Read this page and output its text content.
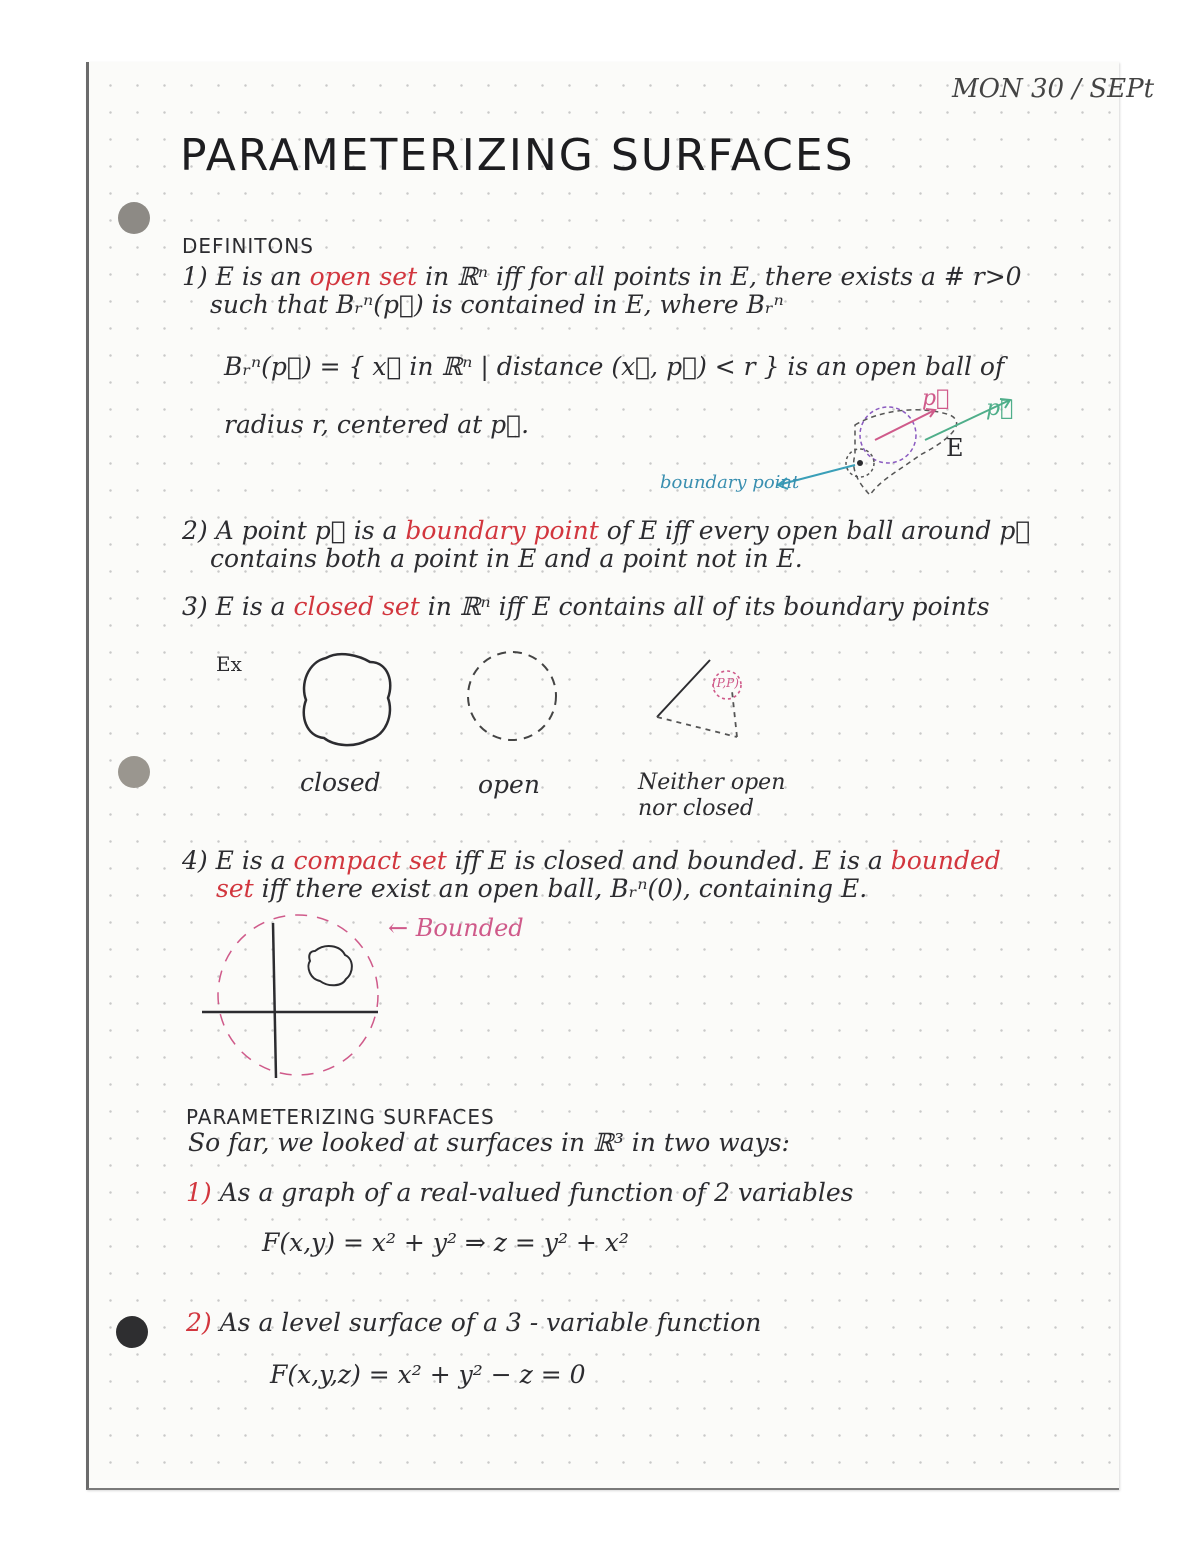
MON 30 / SEPt
PARAMETERIZING SURFACES
DEFINITONS
1) E is an open set in ℝⁿ iff for all points in E, there exists a # r>0
such that Bᵣⁿ(p⃗) is contained in E, where Bᵣⁿ
Bᵣⁿ(p⃗) = { x⃗ in ℝⁿ | distance (x⃗, p⃗) < r } is an open ball of
radius r, centered at p⃗.
p⃗ p⃗
E
boundary point
2) A point p⃗ is a boundary point of E iff every open ball around p⃗
contains both a point in E and a point not in E.
3) E is a closed set in ℝⁿ iff E contains all of its boundary points
Ex
(P,P)
closed	open	Neither open
nor closed
4) E is a compact set iff E is closed and bounded. E is a bounded
set iff there exist an open ball, Bᵣⁿ(0), containing E.
← Bounded
PARAMETERIZING SURFACES
So far, we looked at surfaces in ℝ³ in two ways:
1) As a graph of a real-valued function of 2 variables
F(x,y) = x² + y² ⇒ z = y² + x²
2) As a level surface of a 3 - variable function
F(x,y,z) = x² + y² − z = 0
